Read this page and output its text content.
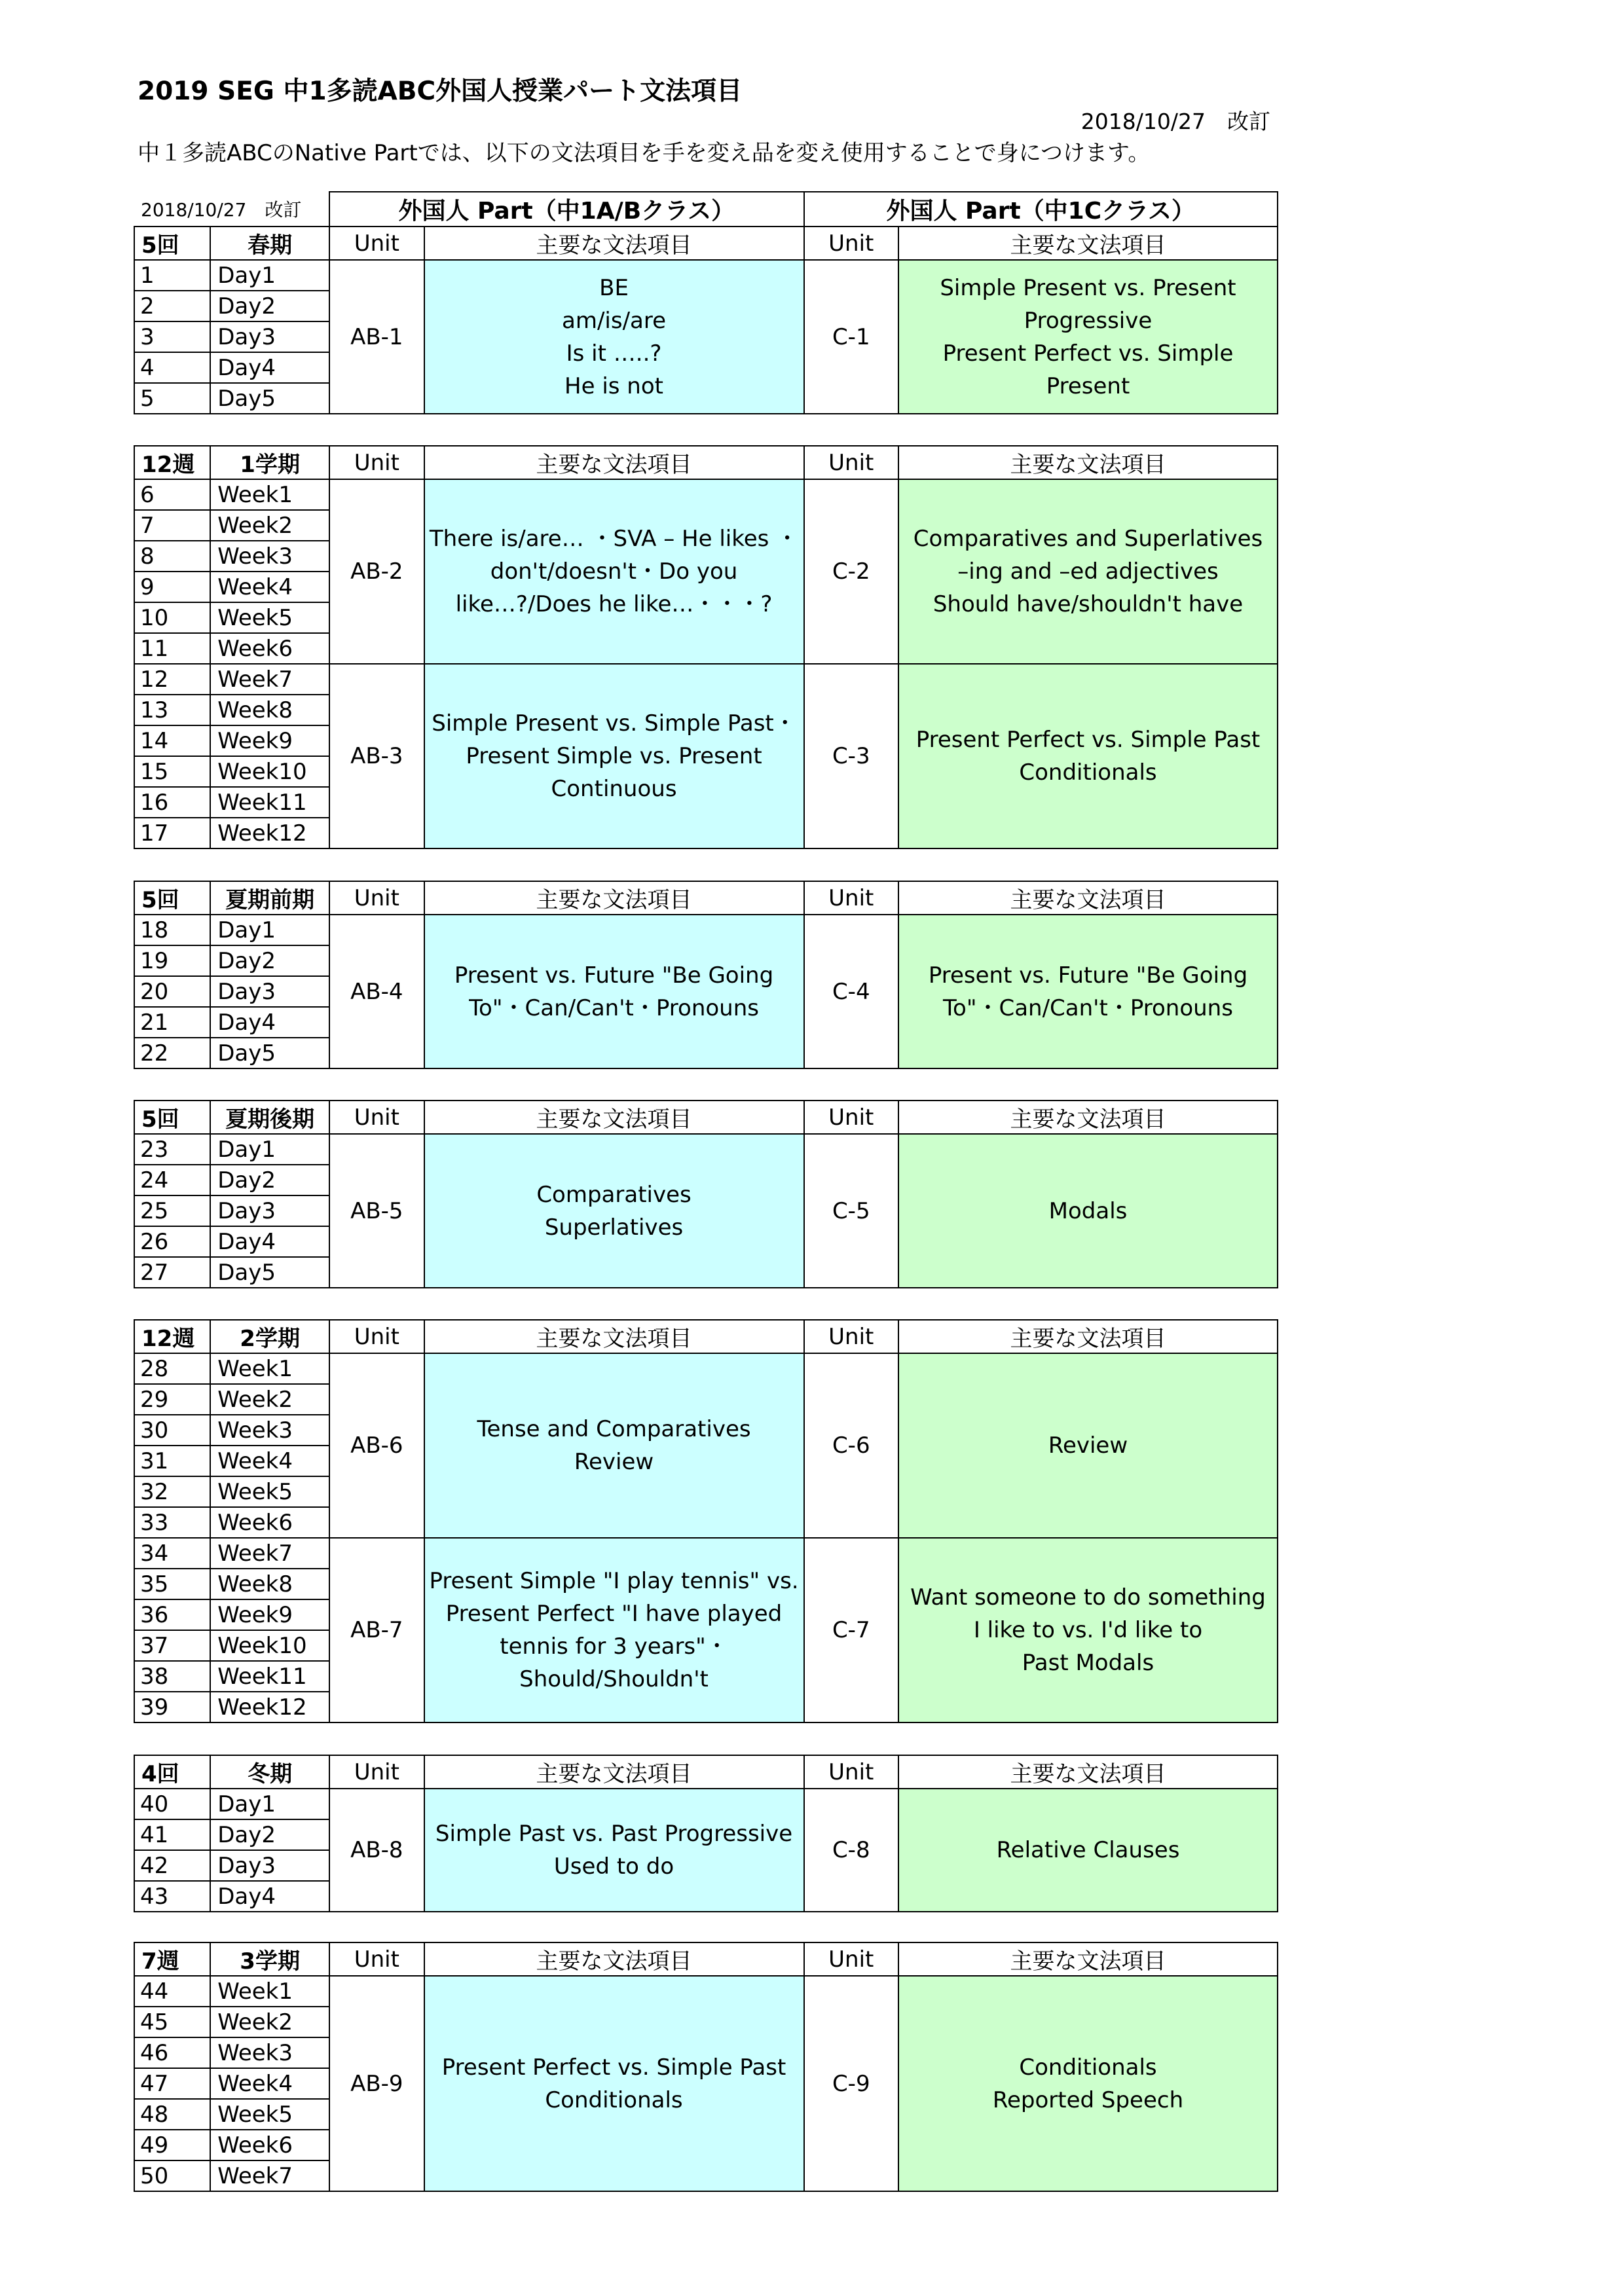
2019 SEG 中1多読ABC外国人授業パート文法項目
2018/10/27　改訂
中１多読ABCのNative Partでは、以下の文法項目を手を変え品を変え使用することで身につけます。
2018/10/27　改訂		外国人 Part（中1A/Bクラス）		外国人 Part（中1Cクラス）	
5回	春期	Unit	主要な文法項目	Unit	主要な文法項目
1	Day1	AB-1	BE
am/is/are
Is it …..?
He is not	C-1	Simple Present vs. Present Progressive
Present Perfect vs. Simple Present
2	Day2				
3	Day3				
4	Day4				
5	Day5				
12週	1学期	Unit	主要な文法項目	Unit	主要な文法項目
6	Week1	AB-2	There is/are… ・SVA – He likes ・don't/doesn't・Do you like…?/Does he like…・・・?	C-2	Comparatives and Superlatives
–ing and –ed adjectives
Should have/shouldn't have
7	Week2				
8	Week3				
9	Week4				
10	Week5				
11	Week6				
12	Week7	AB-3	Simple Present vs. Simple Past・Present Simple vs. Present Continuous	C-3	Present Perfect vs. Simple Past
Conditionals
13	Week8				
14	Week9				
15	Week10				
16	Week11				
17	Week12				
5回	夏期前期	Unit	主要な文法項目	Unit	主要な文法項目
18	Day1	AB-4	Present vs. Future "Be Going To"・Can/Can't・Pronouns	C-4	Present vs. Future "Be Going To"・Can/Can't・Pronouns
19	Day2				
20	Day3				
21	Day4				
22	Day5				
5回	夏期後期	Unit	主要な文法項目	Unit	主要な文法項目
23	Day1	AB-5	Comparatives
Superlatives	C-5	Modals
24	Day2				
25	Day3				
26	Day4				
27	Day5				
12週	2学期	Unit	主要な文法項目	Unit	主要な文法項目
28	Week1	AB-6	Tense and Comparatives
Review	C-6	Review
29	Week2				
30	Week3				
31	Week4				
32	Week5				
33	Week6				
34	Week7	AB-7	Present Simple "I play tennis" vs. Present Perfect "I have played tennis for 3 years"・ Should/Shouldn't	C-7	Want someone to do something
I like to vs. I'd like to
Past Modals
35	Week8				
36	Week9				
37	Week10				
38	Week11				
39	Week12				
4回	冬期	Unit	主要な文法項目	Unit	主要な文法項目
40	Day1	AB-8	Simple Past vs. Past Progressive
Used to do	C-8	Relative Clauses
41	Day2				
42	Day3				
43	Day4				
7週	3学期	Unit	主要な文法項目	Unit	主要な文法項目
44	Week1	AB-9	Present Perfect vs. Simple Past
Conditionals	C-9	Conditionals
Reported Speech
45	Week2				
46	Week3				
47	Week4				
48	Week5				
49	Week6				
50	Week7				
